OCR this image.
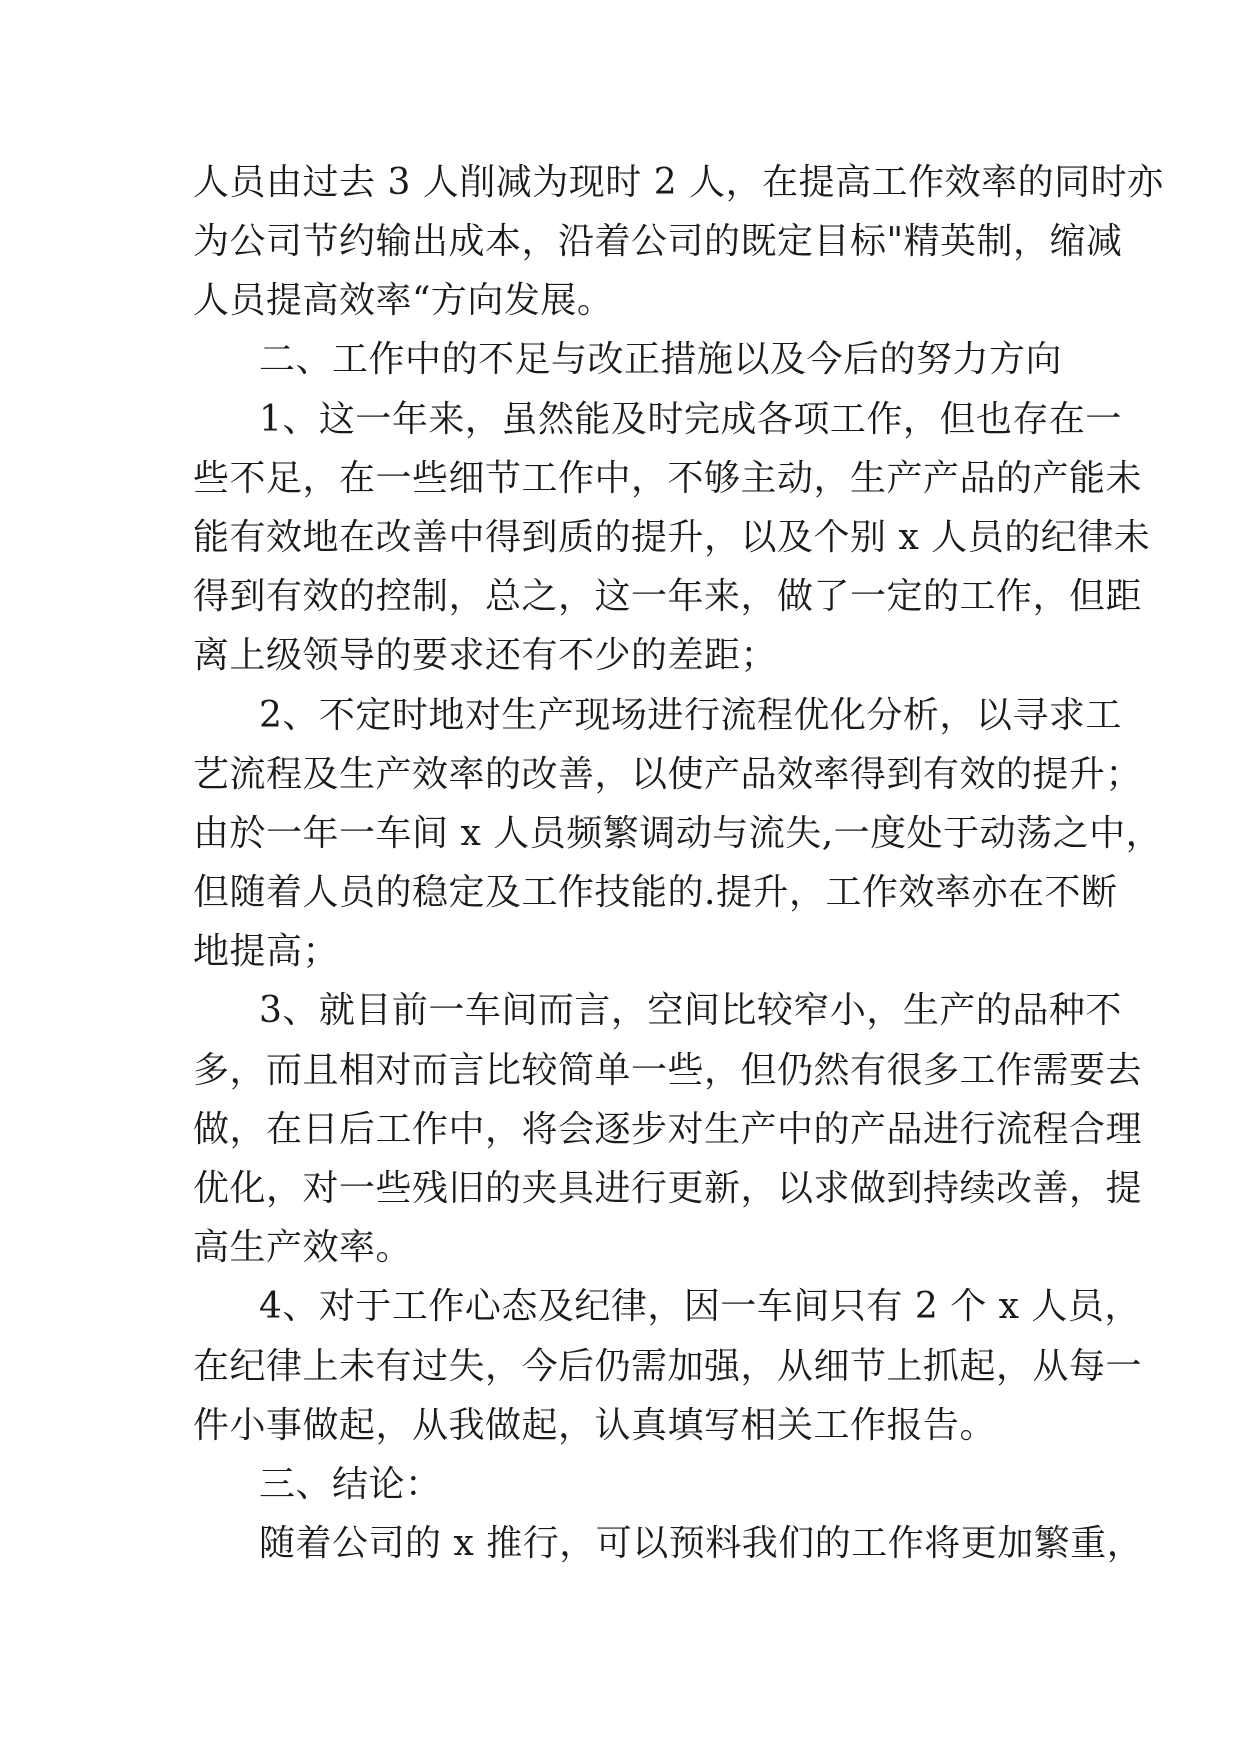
人员由过去 3 人削减为现时 2 人，在提高工作效率的同时亦
为公司节约输出成本，沿着公司的既定目标"精英制，缩减
人员提高效率“方向发展。
二、工作中的不足与改正措施以及今后的努力方向
1、这一年来，虽然能及时完成各项工作，但也存在一
些不足，在一些细节工作中，不够主动，生产产品的产能未
能有效地在改善中得到质的提升，以及个别 x 人员的纪律未
得到有效的控制，总之，这一年来，做了一定的工作，但距
离上级领导的要求还有不少的差距；
2、不定时地对生产现场进行流程优化分析，以寻求工
艺流程及生产效率的改善，以使产品效率得到有效的提升；
由於一年一车间 x 人员频繁调动与流失,一度处于动荡之中，
但随着人员的稳定及工作技能的.提升，工作效率亦在不断
地提高；
3、就目前一车间而言，空间比较窄小，生产的品种不
多，而且相对而言比较简单一些，但仍然有很多工作需要去
做，在日后工作中，将会逐步对生产中的产品进行流程合理
优化，对一些残旧的夹具进行更新，以求做到持续改善，提
高生产效率。
4、对于工作心态及纪律，因一车间只有 2 个 x 人员，
在纪律上未有过失，今后仍需加强，从细节上抓起，从每一
件小事做起，从我做起，认真填写相关工作报告。
三、结论：
随着公司的 x 推行，可以预料我们的工作将更加繁重，
